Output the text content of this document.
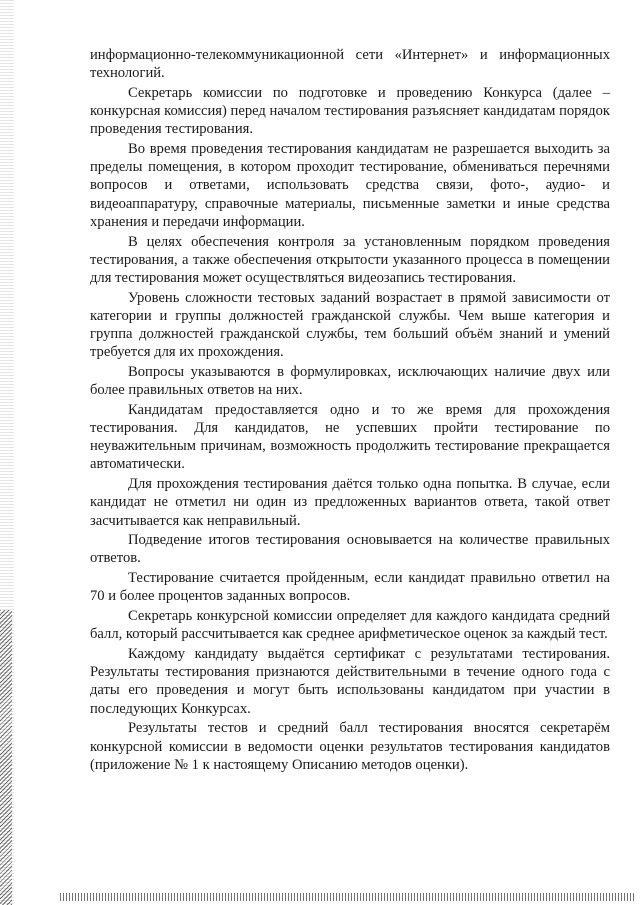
информационно-телекоммуникационной сети «Интернет» и информационных технологий.

Секретарь комиссии по подготовке и проведению Конкурса (далее – конкурсная комиссия) перед началом тестирования разъясняет кандидатам порядок проведения тестирования.

Во время проведения тестирования кандидатам не разрешается выходить за пределы помещения, в котором проходит тестирование, обмениваться перечнями вопросов и ответами, использовать средства связи, фото-, аудио- и видеоаппаратуру, справочные материалы, письменные заметки и иные средства хранения и передачи информации.

В целях обеспечения контроля за установленным порядком проведения тестирования, а также обеспечения открытости указанного процесса в помещении для тестирования может осуществляться видеозапись тестирования.

Уровень сложности тестовых заданий возрастает в прямой зависимости от категории и группы должностей гражданской службы. Чем выше категория и группа должностей гражданской службы, тем больший объём знаний и умений требуется для их прохождения.

Вопросы указываются в формулировках, исключающих наличие двух или более правильных ответов на них.

Кандидатам предоставляется одно и то же время для прохождения тестирования. Для кандидатов, не успевших пройти тестирование по неуважительным причинам, возможность продолжить тестирование прекращается автоматически.

Для прохождения тестирования даётся только одна попытка. В случае, если кандидат не отметил ни один из предложенных вариантов ответа, такой ответ засчитывается как неправильный.

Подведение итогов тестирования основывается на количестве правильных ответов.

Тестирование считается пройденным, если кандидат правильно ответил на 70 и более процентов заданных вопросов.

Секретарь конкурсной комиссии определяет для каждого кандидата средний балл, который рассчитывается как среднее арифметическое оценок за каждый тест.

Каждому кандидату выдаётся сертификат с результатами тестирования. Результаты тестирования признаются действительными в течение одного года с даты его проведения и могут быть использованы кандидатом при участии в последующих Конкурсах.

Результаты тестов и средний балл тестирования вносятся секретарём конкурсной комиссии в ведомости оценки результатов тестирования кандидатов (приложение № 1 к настоящему Описанию методов оценки).
